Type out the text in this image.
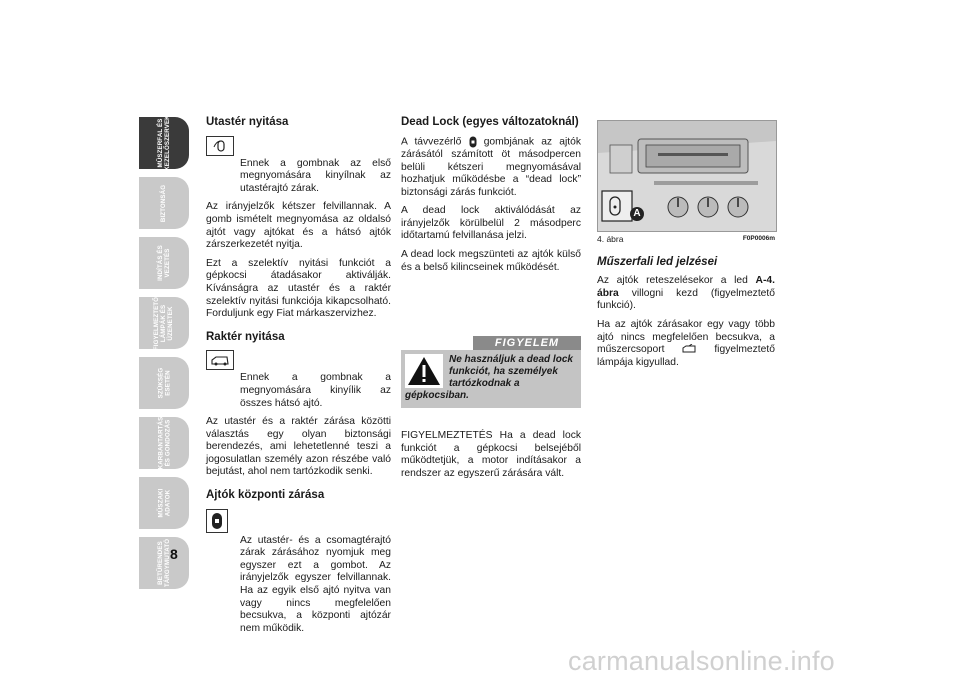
MŰSZERFAL ÉS
KEZELŐSZERVEK
BIZTONSÁG
INDÍTÁS ÉS
VEZETÉS
FIGYELMEZTETŐ
LÁMPÁK ÉS
ÜZENETEK
SZÜKSÉG
ESETÉN
KARBANTARTÁS
ÉS GONDOZÁS
MŰSZAKI
ADATOK
BETŰRENDES
TÁRGYMUTATÓ 8
Utastér nyitása

Ennek a gombnak az első megnyomására kinyílnak az utastérajtó zárak.

Az irányjelzők kétszer felvillannak. A gomb ismételt megnyomása az oldalsó ajtót vagy ajtókat és a hátsó ajtók zárszerkezetét nyitja.

Ezt a szelektív nyitási funkciót a gépkocsi átadásakor aktiválják. Kívánságra az utastér és a raktér szelektív nyitási funkciója kikapcsolható. Forduljunk egy Fiat márkaszervizhez.

Raktér nyitása

Ennek a gombnak a megnyomására kinyílik az összes hátsó ajtó.

Az utastér és a raktér zárása közötti választás egy olyan biztonsági berendezés, ami lehetetlenné teszi a jogosulatlan személy azon részébe való bejutást, ahol nem tartózkodik senki.

Ajtók központi zárása

Az utastér- és a csomagtérajtó zárak zárásához nyomjuk meg egyszer ezt a gombot. Az irányjelzők egyszer felvillannak. Ha az egyik első ajtó nyitva van vagy nincs megfelelően becsukva, a központi ajtózár nem működik.

Dead Lock (egyes változatoknál)

A távvezérlő gombjának az ajtók zárásától számított öt másodpercen belüli kétszeri megnyomásával hozhatjuk működésbe a “dead lock” biztonsági zárás funkciót.

A dead lock aktiválódását az irányjelzők körülbelül 2 másodperc időtartamú felvillanása jelzi.

A dead lock megszünteti az ajtók külső és a belső kilincseinek működését.

FIGYELEM
Ne használjuk a dead lock funkciót, ha személyek tartózkodnak a gépkocsiban.
FIGYELMEZTETÉS Ha a dead lock funkciót a gépkocsi belsejéből működtetjük, a motor indításakor a rendszer az egyszerű zárására vált.
A
4. ábra	F0P0006m
Műszerfali led jelzései

Az ajtók reteszelésekor a led A-4. ábra villogni kezd (figyelmeztető funkció).

Ha az ajtók zárásakor egy vagy több ajtó nincs megfelelően becsukva, a műszercsoport	figyelmeztető lámpája kigyullad.

carmanualsonline.info
